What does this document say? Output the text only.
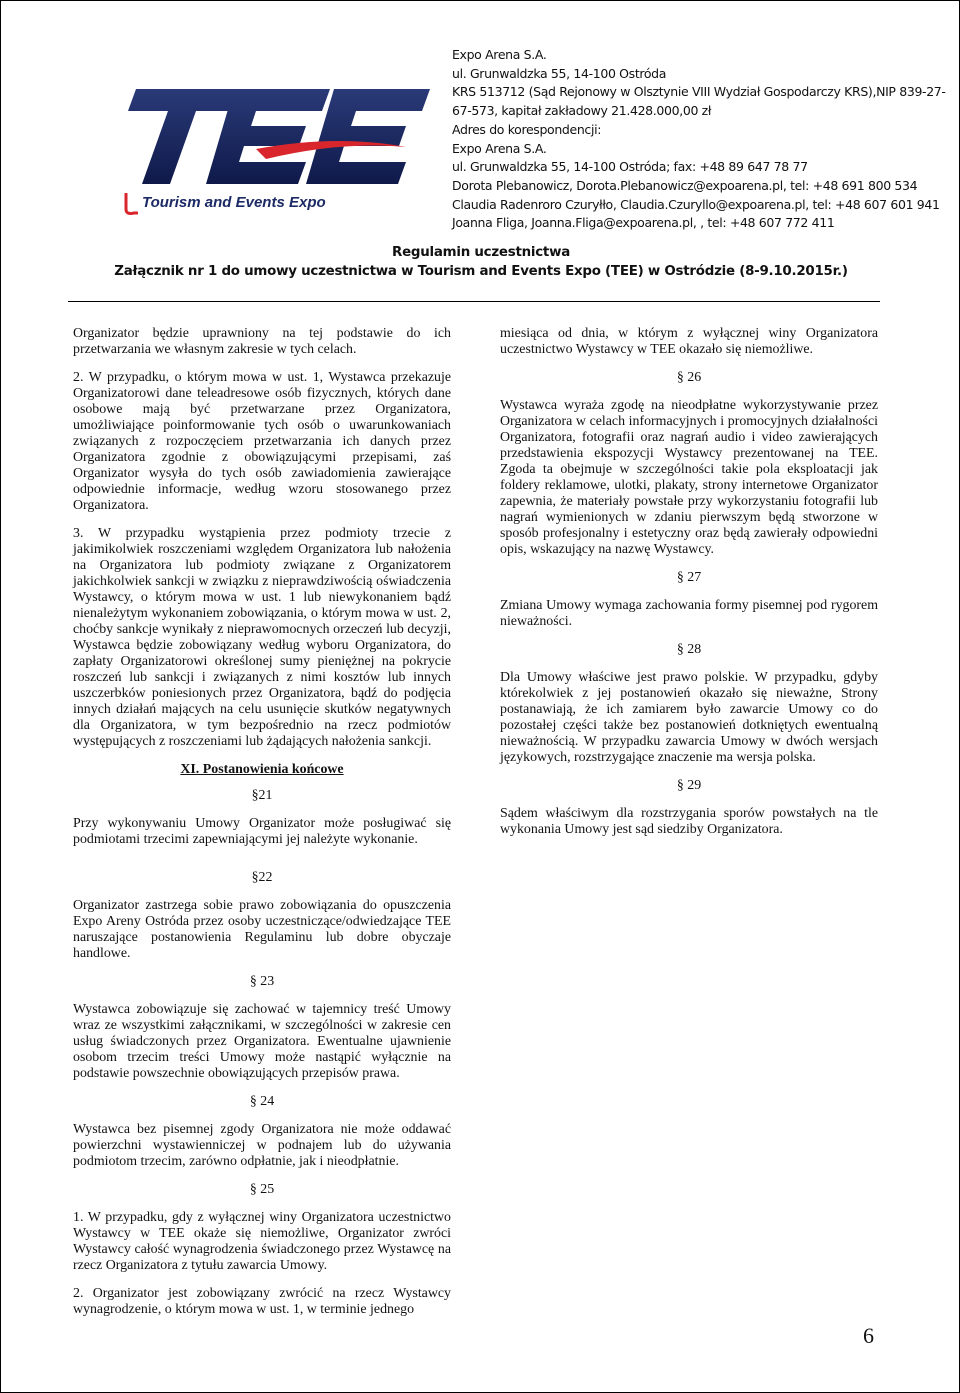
Tourism and Events Expo
Expo Arena S.A.
ul. Grunwaldzka 55, 14-100 Ostróda
KRS 513712 (Sąd Rejonowy w Olsztynie VIII Wydział Gospodarczy KRS),NIP 839-27-
67-573, kapitał zakładowy 21.428.000,00 zł
Adres do korespondencji:
Expo Arena S.A.
ul. Grunwaldzka 55, 14-100 Ostróda; fax: +48 89 647 78 77
Dorota Plebanowicz, Dorota.Plebanowicz@expoarena.pl, tel: +48 691 800 534
Claudia Radenroro Czuryłło, Claudia.Czuryllo@expoarena.pl, tel: +48 607 601 941
Joanna Fliga, Joanna.Fliga@expoarena.pl, , tel: +48 607 772 411
Regulamin uczestnictwa
Załącznik nr 1 do umowy uczestnictwa w Tourism and Events Expo (TEE) w Ostródzie (8-9.10.2015r.)

Organizator będzie uprawniony na tej podstawie do ich przetwarzania we własnym zakresie w tych celach.

2. W przypadku, o którym mowa w ust. 1, Wystawca przekazuje Organizatorowi dane teleadresowe osób fizycznych, których dane osobowe mają być przetwarzane przez Organizatora, umożliwiające poinformowanie tych osób o uwarunkowaniach związanych z rozpoczęciem przetwarzania ich danych przez Organizatora zgodnie z obowiązującymi przepisami, zaś Organizator wysyła do tych osób zawiadomienia zawierające odpowiednie informacje, według wzoru stosowanego przez Organizatora.

3. W przypadku wystąpienia przez podmioty trzecie z jakimikolwiek roszczeniami względem Organizatora lub nałożenia na Organizatora lub podmioty związane z Organizatorem jakichkolwiek sankcji w związku z nieprawdziwością oświadczenia Wystawcy, o którym mowa w ust. 1 lub niewykonaniem bądź nienależytym wykonaniem zobowiązania, o którym mowa w ust. 2, choćby sankcje wynikały z nieprawomocnych orzeczeń lub decyzji, Wystawca będzie zobowiązany według wyboru Organizatora, do zapłaty Organizatorowi określonej sumy pieniężnej na pokrycie roszczeń lub sankcji i związanych z nimi kosztów lub innych uszczerbków poniesionych przez Organizatora, bądź do podjęcia innych działań mających na celu usunięcie skutków negatywnych dla Organizatora, w tym bezpośrednio na rzecz podmiotów występujących z roszczeniami lub żądających nałożenia sankcji.

XI. Postanowienia końcowe
§21

Przy wykonywaniu Umowy Organizator może posługiwać się podmiotami trzecimi zapewniającymi jej należyte wykonanie.

§22

Organizator zastrzega sobie prawo zobowiązania do opuszczenia Expo Areny Ostróda przez osoby uczestniczące/odwiedzające TEE naruszające postanowienia Regulaminu lub dobre obyczaje handlowe.

§ 23

Wystawca zobowiązuje się zachować w tajemnicy treść Umowy wraz ze wszystkimi załącznikami, w szczególności w zakresie cen usług świadczonych przez Organizatora. Ewentualne ujawnienie osobom trzecim treści Umowy może nastąpić wyłącznie na podstawie powszechnie obowiązujących przepisów prawa.

§ 24

Wystawca bez pisemnej zgody Organizatora nie może oddawać powierzchni wystawienniczej w podnajem lub do używania podmiotom trzecim, zarówno odpłatnie, jak i nieodpłatnie.

§ 25

1. W przypadku, gdy z wyłącznej winy Organizatora uczestnictwo Wystawcy w TEE okaże się niemożliwe, Organizator zwróci Wystawcy całość wynagrodzenia świadczonego przez Wystawcę na rzecz Organizatora z tytułu zawarcia Umowy.

2. Organizator jest zobowiązany zwrócić na rzecz Wystawcy wynagrodzenie, o którym mowa w ust. 1, w terminie jednego

miesiąca od dnia, w którym z wyłącznej winy Organizatora uczestnictwo Wystawcy w TEE okazało się niemożliwe.

§ 26

Wystawca wyraża zgodę na nieodpłatne wykorzystywanie przez Organizatora w celach informacyjnych i promocyjnych działalności Organizatora, fotografii oraz nagrań audio i video zawierających przedstawienia ekspozycji Wystawcy prezentowanej na TEE. Zgoda ta obejmuje w szczególności takie pola eksploatacji jak foldery reklamowe, ulotki, plakaty, strony internetowe Organizator zapewnia, że materiały powstałe przy wykorzystaniu fotografii lub nagrań wymienionych w zdaniu pierwszym będą stworzone w sposób profesjonalny i estetyczny oraz będą zawierały odpowiedni opis, wskazujący na nazwę Wystawcy.

§ 27

Zmiana Umowy wymaga zachowania formy pisemnej pod rygorem nieważności.

§ 28

Dla Umowy właściwe jest prawo polskie. W przypadku, gdyby którekolwiek z jej postanowień okazało się nieważne, Strony postanawiają, że ich zamiarem było zawarcie Umowy co do pozostałej części także bez postanowień dotkniętych ewentualną nieważnością. W przypadku zawarcia Umowy w dwóch wersjach językowych, rozstrzygające znaczenie ma wersja polska.

§ 29

Sądem właściwym dla rozstrzygania sporów powstałych na tle wykonania Umowy jest sąd siedziby Organizatora.

6
